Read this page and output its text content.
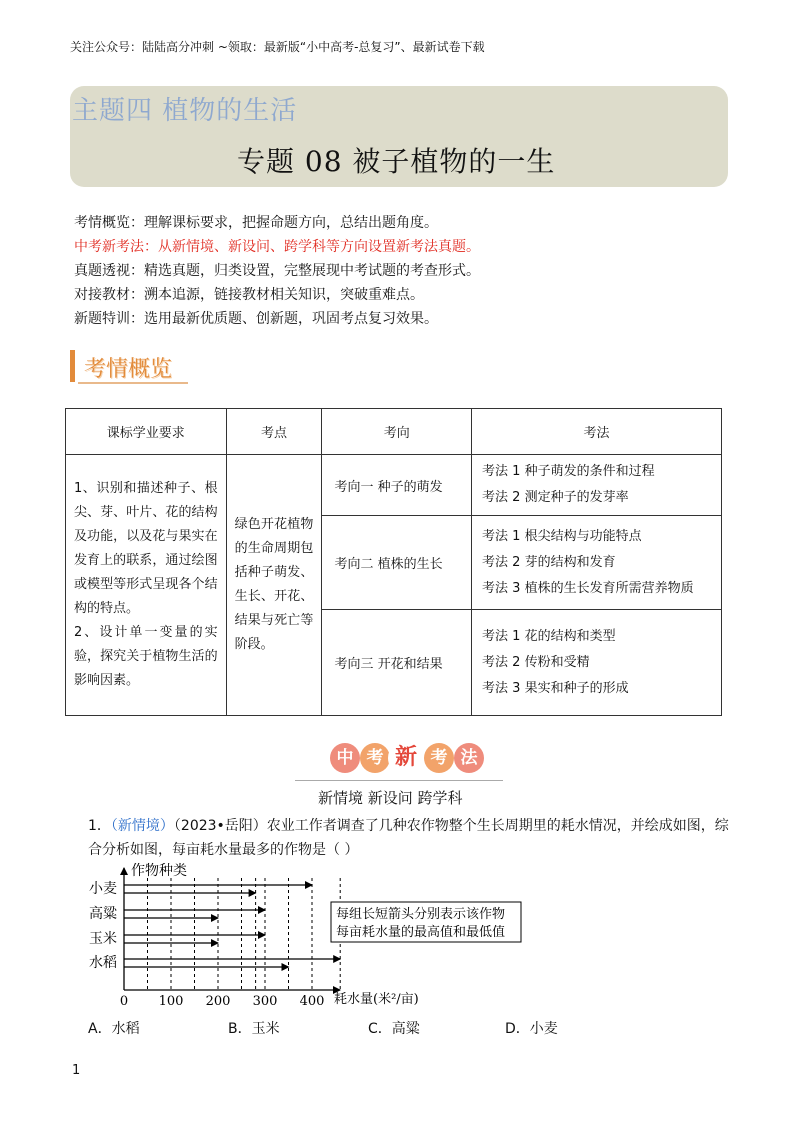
关注公众号：陆陆高分冲刺 ~领取：最新版“小中高考-总复习”、最新试卷下载
主题四 植物的生活
专题 08 被子植物的一生
考情概览：理解课标要求，把握命题方向，总结出题角度。
中考新考法：从新情境、新设问、跨学科等方向设置新考法真题。
真题透视：精选真题，归类设置，完整展现中考试题的考查形式。
对接教材：溯本追源，链接教材相关知识，突破重难点。
新题特训：选用最新优质题、创新题，巩固考点复习效果。
考情概览
课标学业要求	考点	考向	考法
1、识别和描述种子、根尖、芽、叶片、花的结构及功能，以及花与果实在发育上的联系，通过绘图或模型等形式呈现各个结构的特点。
2、设计单一变量的实验，探究关于植物生活的影响因素。	绿色开花植物的生命周期包括种子萌发、生长、开花、结果与死亡等阶段。	考向一 种子的萌发	考法 1 种子萌发的条件和过程
考法 2 测定种子的发芽率

		考向二 植株的生长	考法 1 根尖结构与功能特点
考法 2 芽的结构和发育
考法 3 植株的生长发育所需营养物质

		考向三 开花和结果	考法 1 花的结构和类型
考法 2 传粉和受精
考法 3 果实和种子的形成
中 考 新 考 法
新情境 新设问 跨学科
1．（新情境）（2023•岳阳）农业工作者调查了几种农作物整个生长周期里的耗水情况，并绘成如图，综
合分析如图，每亩耗水量最多的作物是（ ）
作物种类
耗水量(米²/亩)
0 100 200 300 400
小麦
高粱
玉米
水稻
每组长短箭头分别表示该作物
每亩耗水量的最高值和最低值
A．水稻	B．玉米	C．高粱	D．小麦
1
